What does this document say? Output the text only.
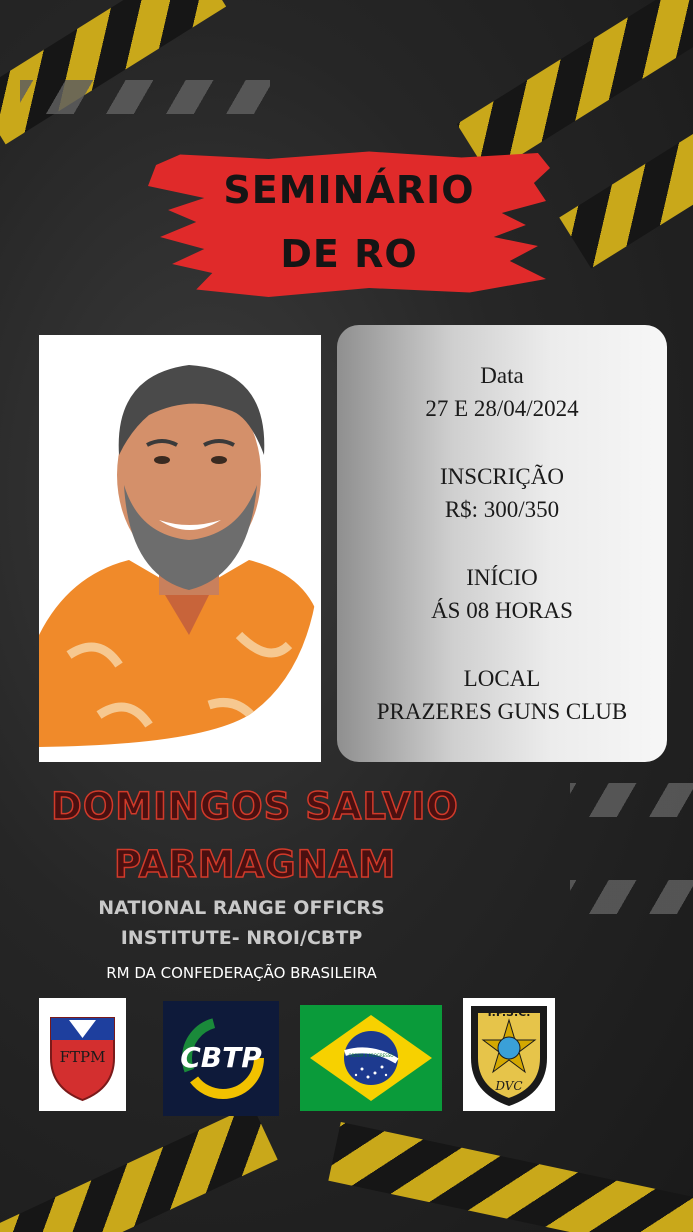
SEMINÁRIO
DE RO
Data
27 E 28/04/2024
INSCRIÇÃO
R$: 300/350
INÍCIO
ÁS 08 HORAS
LOCAL
PRAZERES GUNS CLUB
DOMINGOS SALVIO
PARMAGNAM
NATIONAL RANGE OFFICRS
INSTITUTE- NROI/CBTP
RM DA CONFEDERAÇÃO BRASILEIRA
FTPM	CBTP	ORDEM E PROGRESSO
I.P.S.C.
DVC
